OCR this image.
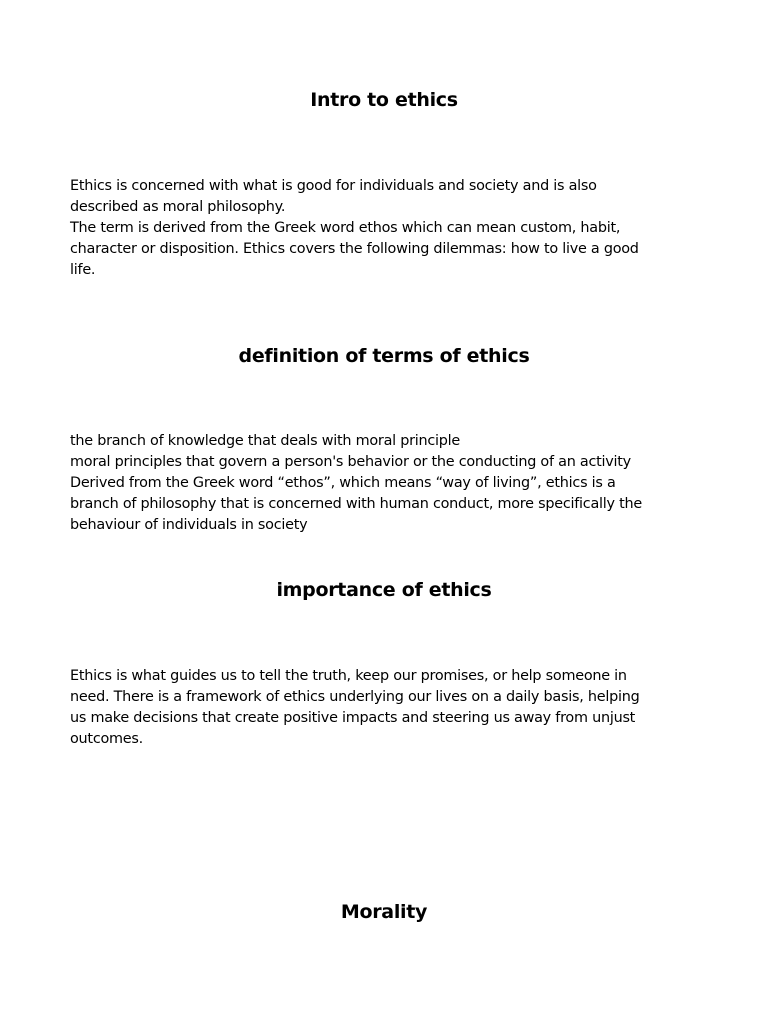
Intro to ethics
Ethics is concerned with what is good for individuals and society and is also
described as moral philosophy.
The term is derived from the Greek word ethos which can mean custom, habit,
character or disposition. Ethics covers the following dilemmas: how to live a good
life.
definition of terms of ethics
the branch of knowledge that deals with moral principle
moral principles that govern a person's behavior or the conducting of an activity
Derived from the Greek word “ethos”, which means “way of living”, ethics is a
branch of philosophy that is concerned with human conduct, more specifically the
behaviour of individuals in society
importance of ethics
Ethics is what guides us to tell the truth, keep our promises, or help someone in
need. There is a framework of ethics underlying our lives on a daily basis, helping
us make decisions that create positive impacts and steering us away from unjust
outcomes.
Morality
